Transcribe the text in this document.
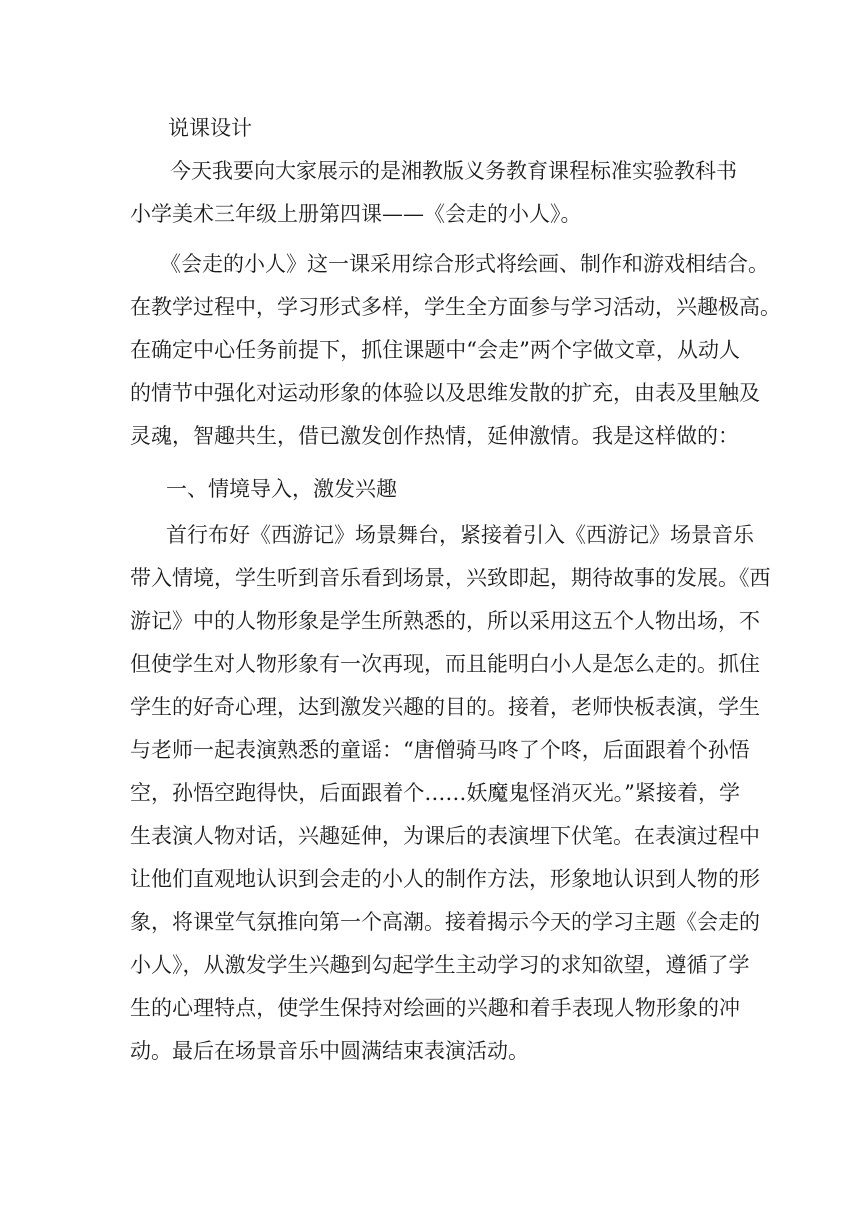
说课设计
今天我要向大家展示的是湘教版义务教育课程标准实验教科书
小学美术三年级上册第四课——《会走的小人》。
《会走的小人》这一课采用综合形式将绘画、制作和游戏相结合。
在教学过程中，学习形式多样，学生全方面参与学习活动，兴趣极高。
在确定中心任务前提下，抓住课题中“会走”两个字做文章，从动人
的情节中强化对运动形象的体验以及思维发散的扩充，由表及里触及
灵魂，智趣共生，借已激发创作热情，延伸激情。我是这样做的：
一、情境导入，激发兴趣
首行布好《西游记》场景舞台，紧接着引入《西游记》场景音乐
带入情境，学生听到音乐看到场景，兴致即起，期待故事的发展。《西
游记》中的人物形象是学生所熟悉的，所以采用这五个人物出场，不
但使学生对人物形象有一次再现，而且能明白小人是怎么走的。抓住
学生的好奇心理，达到激发兴趣的目的。接着，老师快板表演，学生
与老师一起表演熟悉的童谣：“唐僧骑马咚了个咚，后面跟着个孙悟
空，孙悟空跑得快，后面跟着个……妖魔鬼怪消灭光。”紧接着，学
生表演人物对话，兴趣延伸，为课后的表演埋下伏笔。在表演过程中
让他们直观地认识到会走的小人的制作方法，形象地认识到人物的形
象，将课堂气氛推向第一个高潮。接着揭示今天的学习主题《会走的
小人》，从激发学生兴趣到勾起学生主动学习的求知欲望，遵循了学
生的心理特点，使学生保持对绘画的兴趣和着手表现人物形象的冲
动。最后在场景音乐中圆满结束表演活动。
